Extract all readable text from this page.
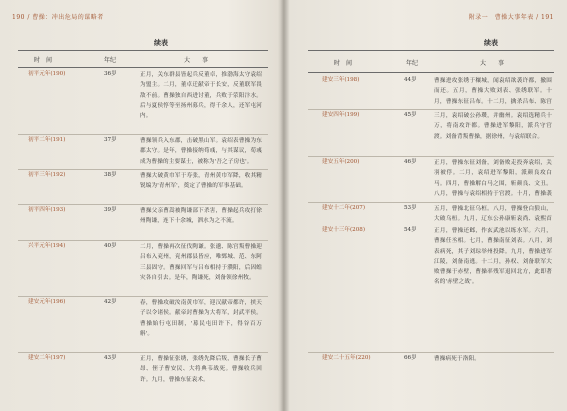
190 / 曹操：冲出危局的谋略者
续表
时　间	年纪	大　　事
初平元年(190)	36岁	正月，关东群县皆起兵反董卓，推渤海太守袁绍为盟主。二月，董卓迁献帝于长安，反董联军畏敌不前。曹操独自西进讨董，兵败于荥阳汴水。后与夏侯惇等至扬州募兵，得千余人，还军屯河内。
初平二年(191)	37岁	曹操领兵入东郡，击破黑山军。袁绍表曹操为东郡太守。是年，曹操接纳荀彧，与其谋议，荀彧成为曹操的主要谋士，被称为'吾之子房也'。
初平三年(192)	38岁	曹操大破黄巾军于寿张，青州黄巾军降，收其精锐编为'青州军'，奠定了曹操的军事基础。
初平四年(193)	39岁	曹操父亲曹嵩被陶谦部下杀害，曹操起兵攻打徐州陶谦，连下十余城，泗水为之不流。
兴平元年(194)	40岁	二月，曹操再次征伐陶谦。张邈、陈宫叛曹操迎吕布入兖州，兖州郡县皆应，唯鄄城、范、东阿三县固守。曹操回军与吕布相持于濮阳，后因蝗灾各自引去。是年，陶谦死，刘备领徐州牧。
建安元年(196)	42岁	春，曹操攻破汝南黄巾军，迎汉献帝都许，挟天子以令诸侯。献帝封曹操为大将军，封武平侯。曹操始行屯田制，'募民屯田许下，得谷百万斛'。
建安二年(197)	43岁	正月，曹操征张绣，张绣先降后叛，曹操长子曹昂、侄子曹安民、大将典韦战死。曹操收兵回许。九月，曹操东征袁术。
附录一　曹操大事年表 / 191
续表
时　间	年纪	大　　事
建安三年(198)	44岁	曹操进攻张绣于穰城，闻袁绍欲袭许都，撤围而还。五月，曹操大败刘表、张绣联军。十月，曹操东征吕布。十二月，擒杀吕布、陈宫
建安四年(199)	45岁	三月，袁绍破公孙瓒，并幽州。袁绍选精兵十万，将南攻许都。曹操进军黎阳，派兵守官渡。刘备背叛曹操，据徐州，与袁绍联合。
建安五年(200)	46岁	正月，曹操东征刘备，刘备败走投奔袁绍，关羽被俘。二月，袁绍进军黎阳，派颜良攻白马。四月，曹操解白马之围，斩颜良、文丑。八月，曹操与袁绍相持于官渡。十月，曹操袭
建安十二年(207)	53岁	五月，曹操北征乌桓。八月，曹操登白狼山，大破乌桓。九月，辽东公孙康斩袁尚、袁熙首
建安十三年(208)	54岁	正月，曹操还邺，作玄武池以练水军。六月，曹操任丞相。七月，曹操南征刘表。八月，刘表病死，其子刘琮举州投降。九月，曹操进军江陵，刘备南逃。十二月，孙权、刘备联军大败曹操于赤壁，曹操率残军退回北方，此即著名的'赤壁之战'。
建安二十五年(220)	66岁	曹操病死于洛阳。
